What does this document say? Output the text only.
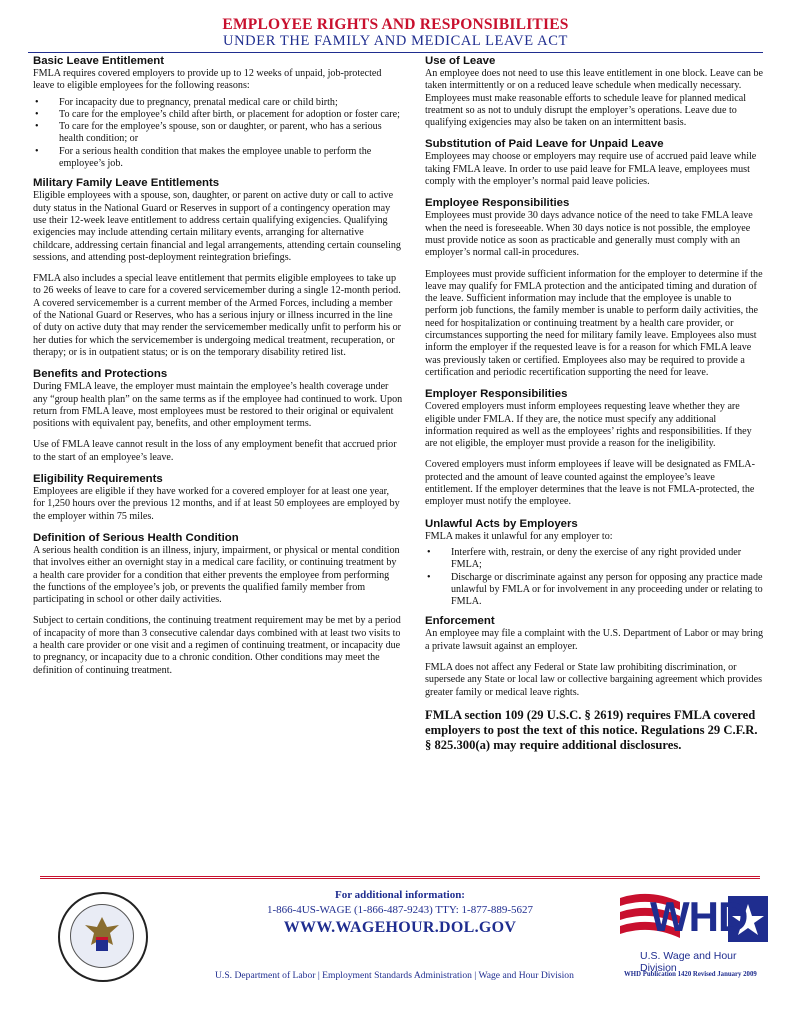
EMPLOYEE RIGHTS AND RESPONSIBILITIES
UNDER THE FAMILY AND MEDICAL LEAVE ACT
Basic Leave Entitlement

FMLA requires covered employers to provide up to 12 weeks of unpaid, job-protected leave to eligible employees for the following reasons:

• For incapacity due to pregnancy, prenatal medical care or child birth;
• To care for the employee’s child after birth, or placement for adoption or foster care;
• To care for the employee’s spouse, son or daughter, or parent, who has a serious health condition; or
• For a serious health condition that makes the employee unable to perform the employee’s job.
Military Family Leave Entitlements

Eligible employees with a spouse, son, daughter, or parent on active duty or call to active duty status in the National Guard or Reserves in support of a contingency operation may use their 12-week leave entitlement to address certain qualifying exigencies. Qualifying exigencies may include attending certain military events, arranging for alternative childcare, addressing certain financial and legal arrangements, attending certain counseling sessions, and attending post-deployment reintegration briefings.

FMLA also includes a special leave entitlement that permits eligible employees to take up to 26 weeks of leave to care for a covered servicemember during a single 12-month period. A covered servicemember is a current member of the Armed Forces, including a member of the National Guard or Reserves, who has a serious injury or illness incurred in the line of duty on active duty that may render the servicemember medically unfit to perform his or her duties for which the servicemember is undergoing medical treatment, recuperation, or therapy; or is in outpatient status; or is on the temporary disability retired list.

Benefits and Protections

During FMLA leave, the employer must maintain the employee’s health coverage under any “group health plan” on the same terms as if the employee had continued to work. Upon return from FMLA leave, most employees must be restored to their original or equivalent positions with equivalent pay, benefits, and other employment terms.

Use of FMLA leave cannot result in the loss of any employment benefit that accrued prior to the start of an employee’s leave.

Eligibility Requirements

Employees are eligible if they have worked for a covered employer for at least one year, for 1,250 hours over the previous 12 months, and if at least 50 employees are employed by the employer within 75 miles.

Definition of Serious Health Condition

A serious health condition is an illness, injury, impairment, or physical or mental condition that involves either an overnight stay in a medical care facility, or continuing treatment by a health care provider for a condition that either prevents the employee from performing the functions of the employee’s job, or prevents the qualified family member from participating in school or other daily activities.

Subject to certain conditions, the continuing treatment requirement may be met by a period of incapacity of more than 3 consecutive calendar days combined with at least two visits to a health care provider or one visit and a regimen of continuing treatment, or incapacity due to pregnancy, or incapacity due to a chronic condition. Other conditions may meet the definition of continuing treatment.

Use of Leave

An employee does not need to use this leave entitlement in one block. Leave can be taken intermittently or on a reduced leave schedule when medically necessary. Employees must make reasonable efforts to schedule leave for planned medical treatment so as not to unduly disrupt the employer’s operations. Leave due to qualifying exigencies may also be taken on an intermittent basis.

Substitution of Paid Leave for Unpaid Leave

Employees may choose or employers may require use of accrued paid leave while taking FMLA leave. In order to use paid leave for FMLA leave, employees must comply with the employer’s normal paid leave policies.

Employee Responsibilities

Employees must provide 30 days advance notice of the need to take FMLA leave when the need is foreseeable. When 30 days notice is not possible, the employee must provide notice as soon as practicable and generally must comply with an employer’s normal call-in procedures.

Employees must provide sufficient information for the employer to determine if the leave may qualify for FMLA protection and the anticipated timing and duration of the leave. Sufficient information may include that the employee is unable to perform job functions, the family member is unable to perform daily activities, the need for hospitalization or continuing treatment by a health care provider, or circumstances supporting the need for military family leave. Employees also must inform the employer if the requested leave is for a reason for which FMLA leave was previously taken or certified. Employees also may be required to provide a certification and periodic recertification supporting the need for leave.

Employer Responsibilities

Covered employers must inform employees requesting leave whether they are eligible under FMLA. If they are, the notice must specify any additional information required as well as the employees’ rights and responsibilities. If they are not eligible, the employer must provide a reason for the ineligibility.

Covered employers must inform employees if leave will be designated as FMLA-protected and the amount of leave counted against the employee’s leave entitlement. If the employer determines that the leave is not FMLA-protected, the employer must notify the employee.

Unlawful Acts by Employers

FMLA makes it unlawful for any employer to:

• Interfere with, restrain, or deny the exercise of any right provided under FMLA;
• Discharge or discriminate against any person for opposing any practice made unlawful by FMLA or for involvement in any proceeding under or relating to FMLA.
Enforcement

An employee may file a complaint with the U.S. Department of Labor or may bring a private lawsuit against an employer.

FMLA does not affect any Federal or State law prohibiting discrimination, or supersede any State or local law or collective bargaining agreement which provides greater family or medical leave rights.

FMLA section 109 (29 U.S.C. § 2619) requires FMLA covered employers to post the text of this notice. Regulations 29 C.F.R. § 825.300(a) may require additional disclosures.
For additional information:
1-866-4US-WAGE (1-866-487-9243) TTY: 1-877-889-5627
WWW.WAGEHOUR.DOL.GOV	WHD
U.S. Wage and Hour Division
U.S. Department of Labor | Employment Standards Administration | Wage and Hour Division	WHD Publication 1420 Revised January 2009
